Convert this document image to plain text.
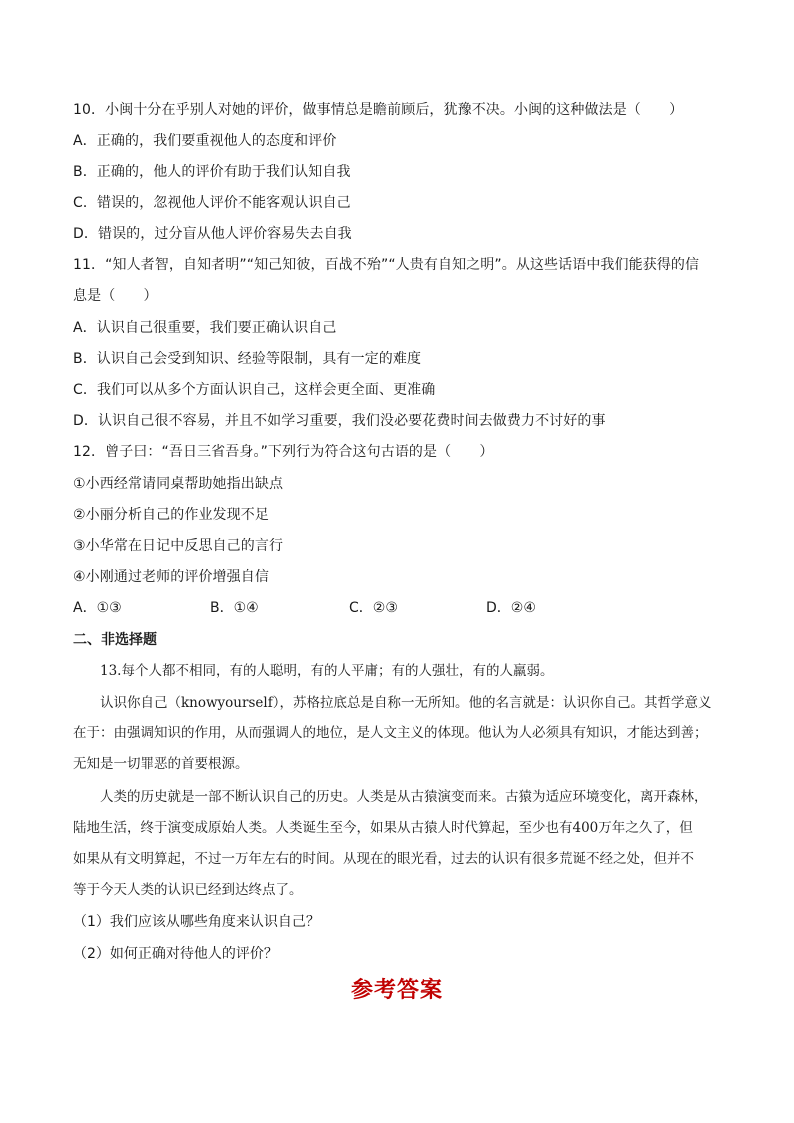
10．小闽十分在乎别人对她的评价，做事情总是瞻前顾后，犹豫不决。小闽的这种做法是（　　）
A．正确的，我们要重视他人的态度和评价
B．正确的，他人的评价有助于我们认知自我
C．错误的，忽视他人评价不能客观认识自己
D．错误的，过分盲从他人评价容易失去自我
11．“知人者智，自知者明”“知己知彼，百战不殆”“人贵有自知之明”。从这些话语中我们能获得的信
息是（　　）
A．认识自己很重要，我们要正确认识自己
B．认识自己会受到知识、经验等限制，具有一定的难度
C．我们可以从多个方面认识自己，这样会更全面、更准确
D．认识自己很不容易，并且不如学习重要，我们没必要花费时间去做费力不讨好的事
12．曾子曰：“吾日三省吾身。”下列行为符合这句古语的是（　　）
①小西经常请同桌帮助她指出缺点
②小丽分析自己的作业发现不足
③小华常在日记中反思自己的言行
④小刚通过老师的评价增强自信
A．①③	B．①④	C．②③	D．②④
二、非选择题
13.每个人都不相同，有的人聪明，有的人平庸；有的人强壮，有的人羸弱。
认识你自己（knowyourself），苏格拉底总是自称一无所知。他的名言就是：认识你自己。其哲学意义
在于：由强调知识的作用，从而强调人的地位，是人文主义的体现。他认为人必须具有知识，才能达到善；
无知是一切罪恶的首要根源。
人类的历史就是一部不断认识自己的历史。人类是从古猿演变而来。古猿为适应环境变化，离开森林，
陆地生活，终于演变成原始人类。人类诞生至今，如果从古猿人时代算起，至少也有400万年之久了，但
如果从有文明算起，不过一万年左右的时间。从现在的眼光看，过去的认识有很多荒诞不经之处，但并不
等于今天人类的认识已经到达终点了。
（1）我们应该从哪些角度来认识自己？
（2）如何正确对待他人的评价？
参考答案
